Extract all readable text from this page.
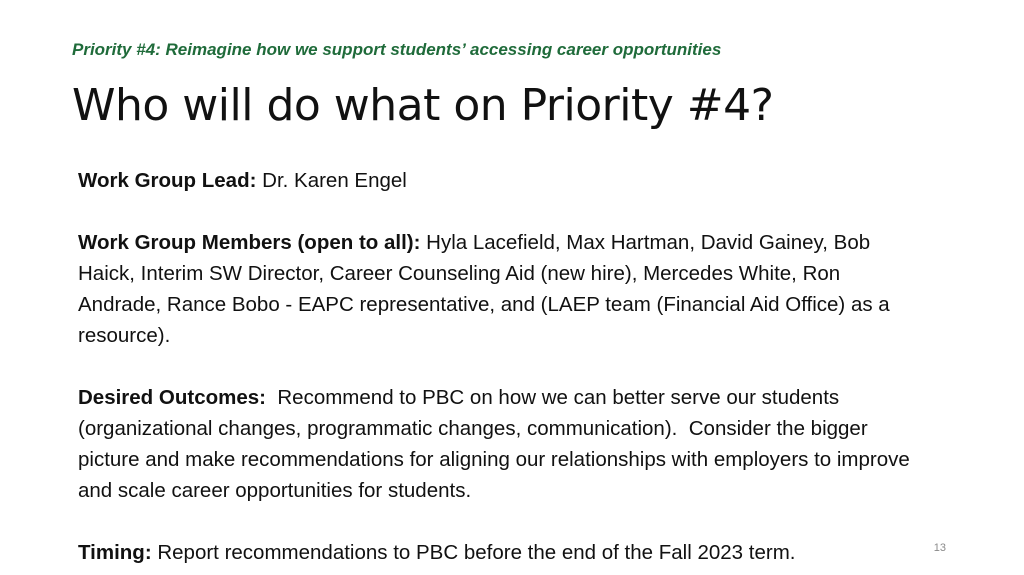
Priority #4: Reimagine how we support students’ accessing career opportunities
Who will do what on Priority #4?

Work Group Lead: Dr. Karen Engel

Work Group Members (open to all): Hyla Lacefield, Max Hartman, David Gainey, Bob Haick, Interim SW Director, Career Counseling Aid (new hire), Mercedes White, Ron Andrade, Rance Bobo - EAPC representative, and (LAEP team (Financial Aid Office) as a resource).

Desired Outcomes:  Recommend to PBC on how we can better serve our students (organizational changes, programmatic changes, communication).  Consider the bigger picture and make recommendations for aligning our relationships with employers to improve and scale career opportunities for students.

Timing: Report recommendations to PBC before the end of the Fall 2023 term.	13
